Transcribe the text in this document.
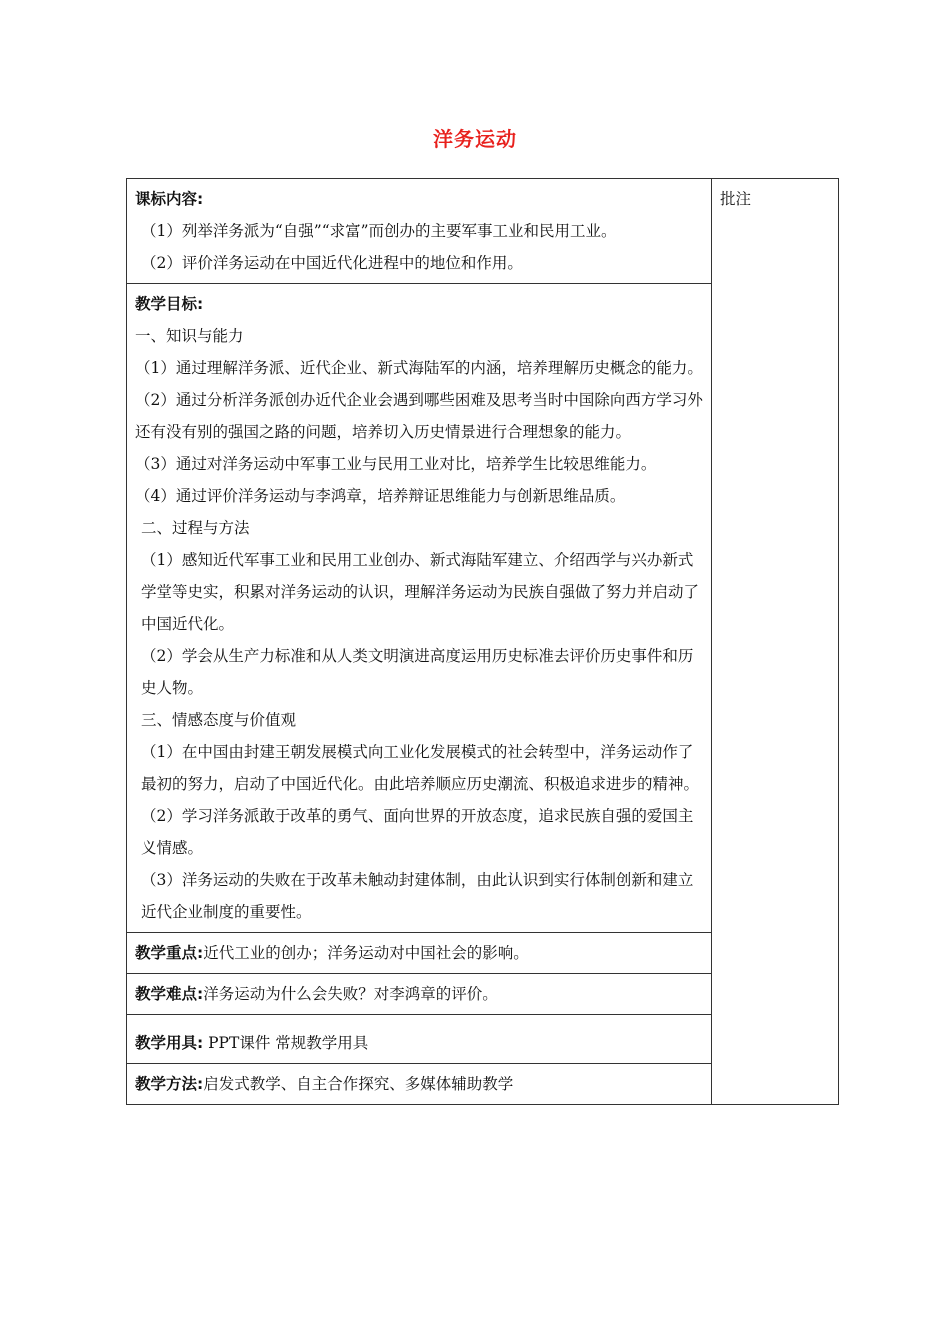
洋务运动

课标内容:

（1）列举洋务派为“自强”“求富”而创办的主要军事工业和民用工业。

（2）评价洋务运动在中国近代化进程中的地位和作用。

批注

教学目标:

一、知识与能力

（1）通过理解洋务派、近代企业、新式海陆军的内涵，培养理解历史概念的能力。

（2）通过分析洋务派创办近代企业会遇到哪些困难及思考当时中国除向西方学习外还有没有别的强国之路的问题，培养切入历史情景进行合理想象的能力。

（3）通过对洋务运动中军事工业与民用工业对比，培养学生比较思维能力。

（4）通过评价洋务运动与李鸿章，培养辩证思维能力与创新思维品质。

二、过程与方法

（1）感知近代军事工业和民用工业创办、新式海陆军建立、介绍西学与兴办新式学堂等史实，积累对洋务运动的认识，理解洋务运动为民族自强做了努力并启动了中国近代化。

（2）学会从生产力标准和从人类文明演进高度运用历史标准去评价历史事件和历史人物。

三、情感态度与价值观

（1）在中国由封建王朝发展模式向工业化发展模式的社会转型中，洋务运动作了最初的努力，启动了中国近代化。由此培养顺应历史潮流、积极追求进步的精神。

（2）学习洋务派敢于改革的勇气、面向世界的开放态度，追求民族自强的爱国主义情感。

（3）洋务运动的失败在于改革未触动封建体制，由此认识到实行体制创新和建立近代企业制度的重要性。

教学重点:近代工业的创办；洋务运动对中国社会的影响。
教学难点:洋务运动为什么会失败？对李鸿章的评价。
教学用具: PPT课件 常规教学用具
教学方法:启发式教学、自主合作探究、多媒体辅助教学
